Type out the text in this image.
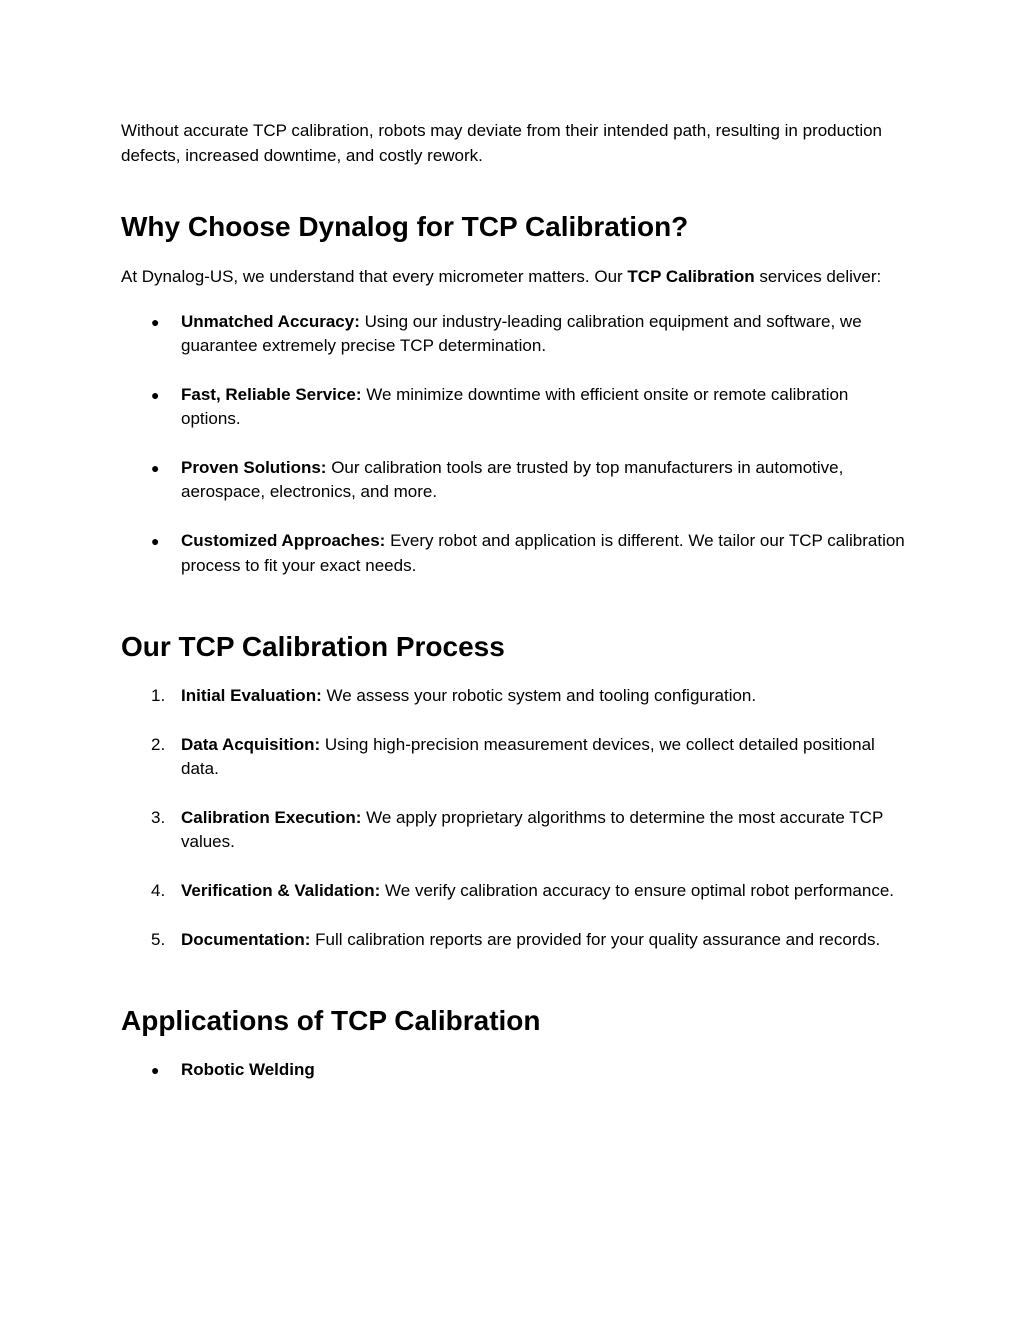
Without accurate TCP calibration, robots may deviate from their intended path, resulting in production defects, increased downtime, and costly rework.

Why Choose Dynalog for TCP Calibration?

At Dynalog-US, we understand that every micrometer matters. Our TCP Calibration services deliver:

●	Unmatched Accuracy: Using our industry-leading calibration equipment and software, we guarantee extremely precise TCP determination.
●	Fast, Reliable Service: We minimize downtime with efficient onsite or remote calibration options.
●	Proven Solutions: Our calibration tools are trusted by top manufacturers in automotive, aerospace, electronics, and more.
●	Customized Approaches: Every robot and application is different. We tailor our TCP calibration process to fit your exact needs.
Our TCP Calibration Process
1. Initial Evaluation: We assess your robotic system and tooling configuration.
2. Data Acquisition: Using high-precision measurement devices, we collect detailed positional data.
3. Calibration Execution: We apply proprietary algorithms to determine the most accurate TCP values.
4. Verification & Validation: We verify calibration accuracy to ensure optimal robot performance.
5. Documentation: Full calibration reports are provided for your quality assurance and records.
Applications of TCP Calibration
●	Robotic Welding
